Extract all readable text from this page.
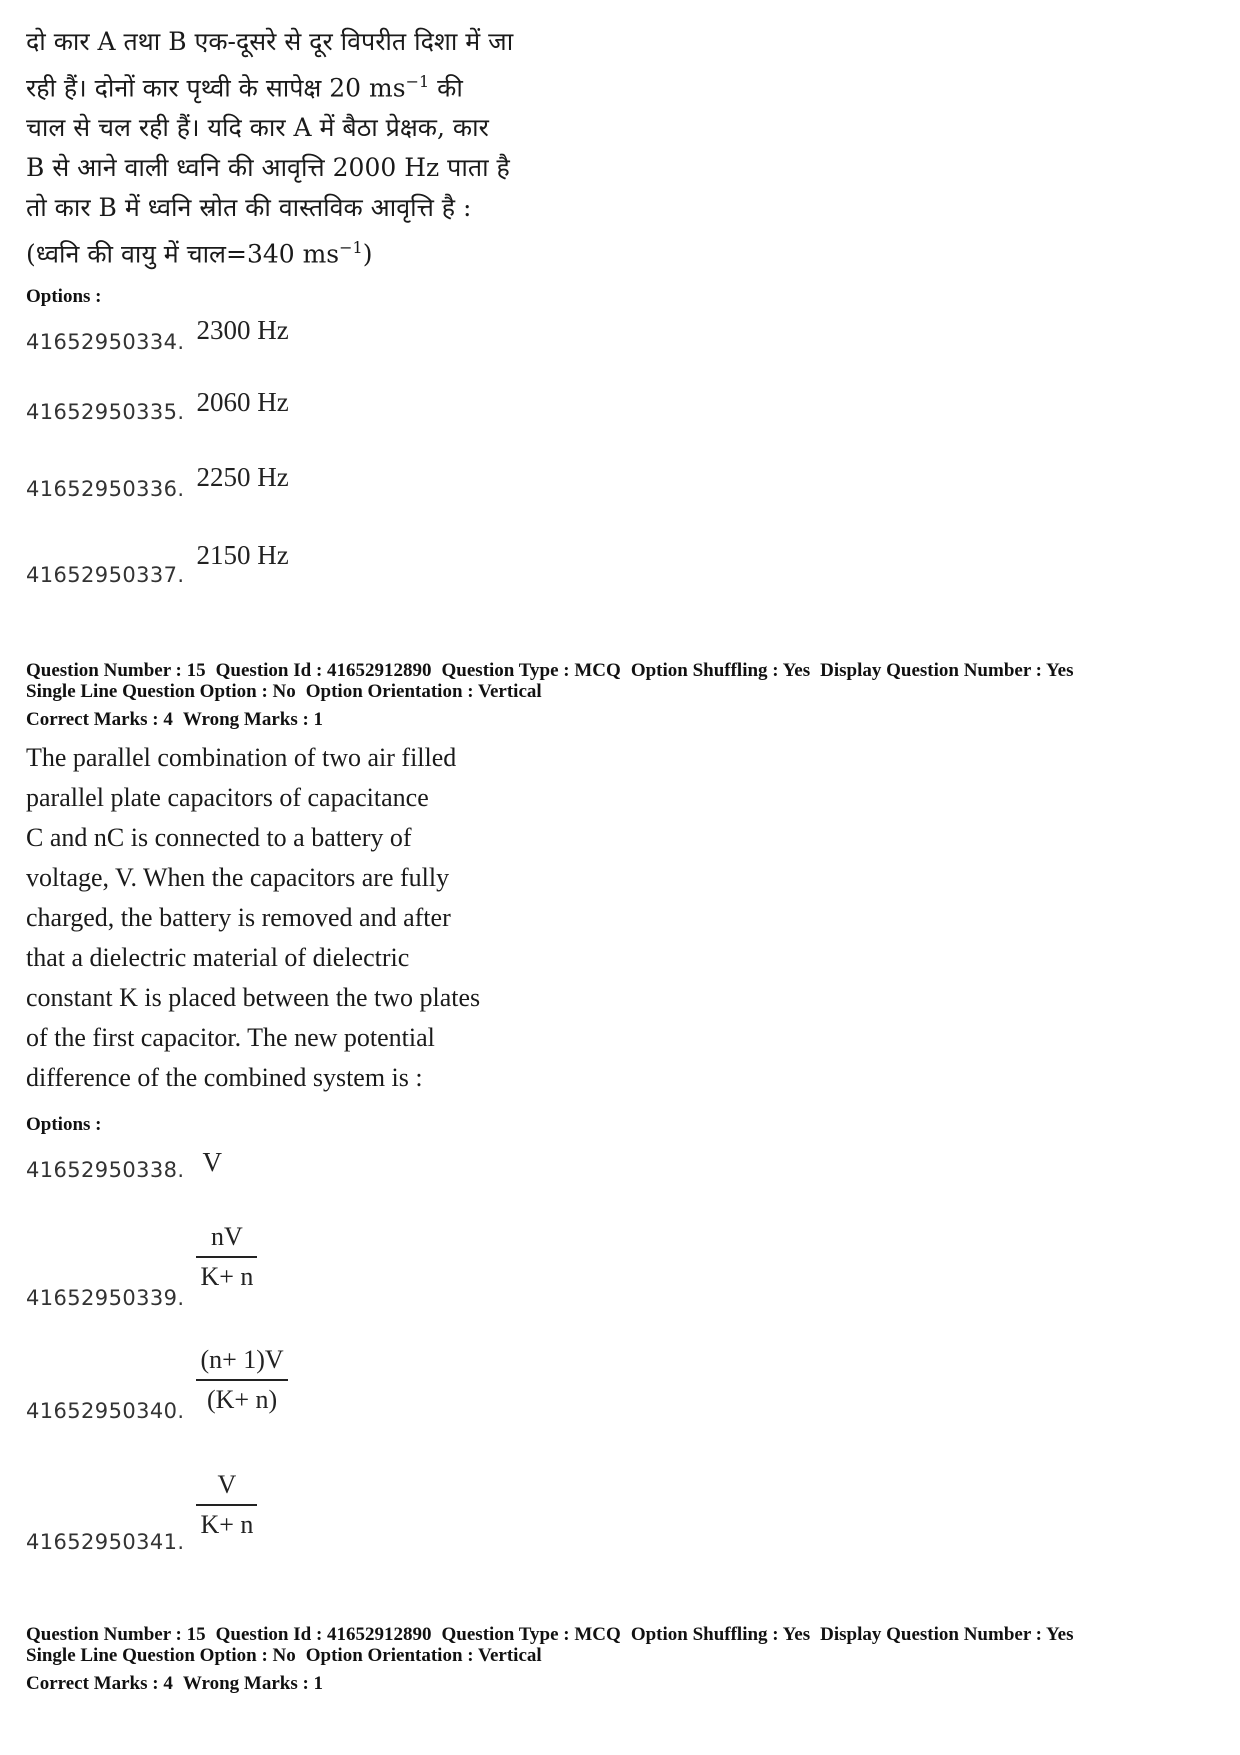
दो कार A तथा B एक-दूसरे से दूर विपरीत दिशा में जा

रही हैं। दोनों कार पृथ्वी के सापेक्ष 20 $ms^{-1}$ की

चाल से चल रही हैं। यदि कार A में बैठा प्रेक्षक, कार

B से आने वाली ध्वनि की आवृत्ति 2000 Hz पाता है

तो कार B में ध्वनि स्रोत की वास्तविक आवृत्ति है :

(ध्वनि की वायु में चाल=340 $ms^{-1}$)

Options :
41652950334. 2300 Hz
41652950335. 2060 Hz
41652950336. 2250 Hz
41652950337. 2150 Hz
Question Number : 15 Question Id : 41652912890 Question Type : MCQ Option Shuffling : Yes Display Question Number : Yes
Single Line Question Option : No Option Orientation : Vertical
Correct Marks : 4 Wrong Marks : 1

The parallel combination of two air filled

parallel plate capacitors of capacitance

C and nC is connected to a battery of

voltage, V. When the capacitors are fully

charged, the battery is removed and after

that a dielectric material of dielectric

constant K is placed between the two plates

of the first capacitor. The new potential

difference of the combined system is :

Options :
41652950338. V
41652950339.
$\frac{nV}{K+ n}$
41652950340. $\frac{(n+ 1)V}{(K+ n)}$
41652950341.
$\frac{V}{K+ n}$
Question Number : 15 Question Id : 41652912890 Question Type : MCQ Option Shuffling : Yes Display Question Number : Yes
Single Line Question Option : No Option Orientation : Vertical
Correct Marks : 4 Wrong Marks : 1
